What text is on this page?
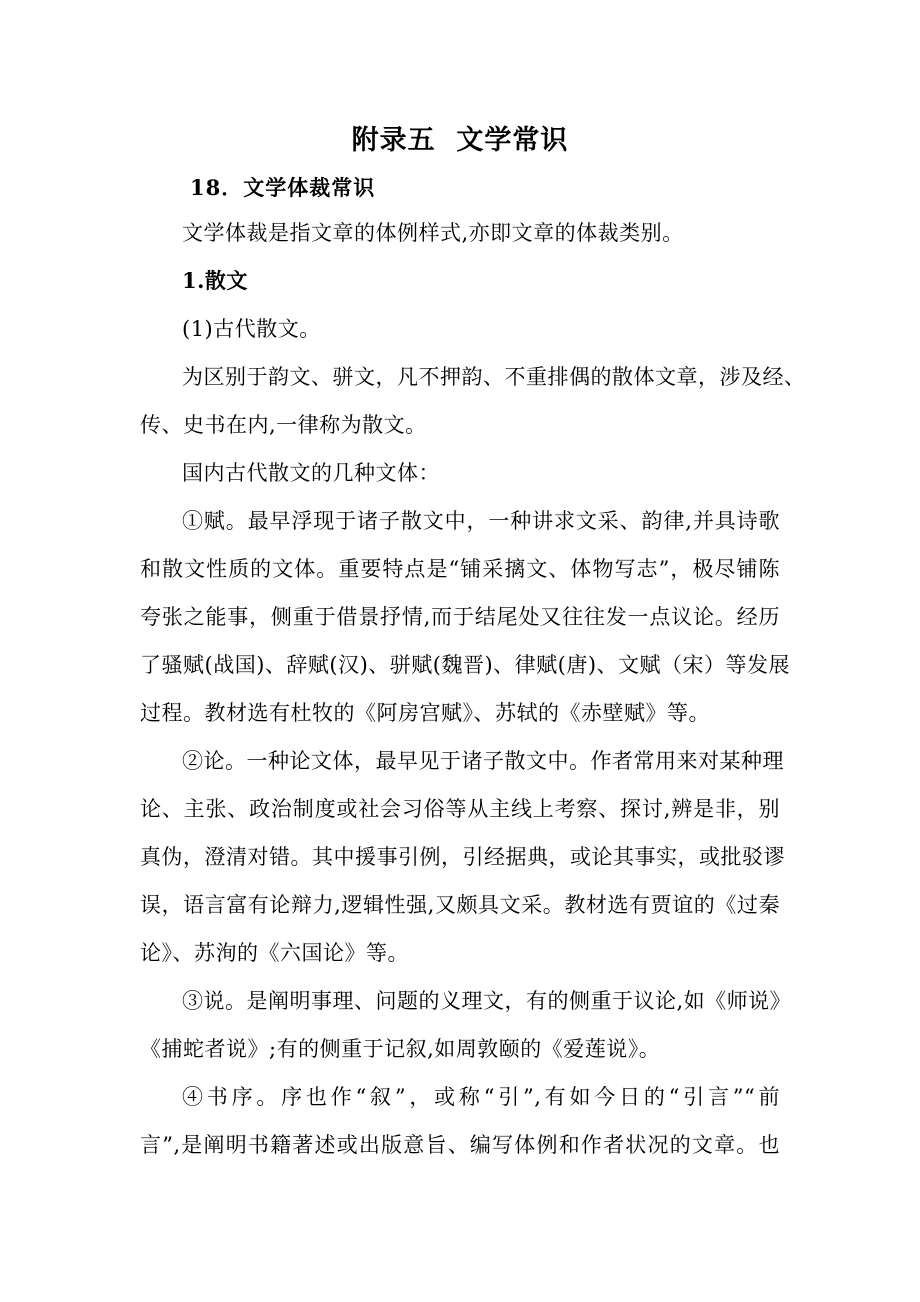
附录五  文学常识
18．文学体裁常识
文学体裁是指文章的体例样式,亦即文章的体裁类别。
1.散文
(1)古代散文。
为区别于韵文、骈文，凡不押韵、不重排偶的散体文章，涉及经、
传、史书在内,一律称为散文。
国内古代散文的几种文体：
①赋。最早浮现于诸子散文中，一种讲求文采、韵律,并具诗歌
和散文性质的文体。重要特点是“铺采摛文、体物写志”，极尽铺陈
夸张之能事，侧重于借景抒情,而于结尾处又往往发一点议论。经历
了骚赋(战国)、辞赋(汉)、骈赋(魏晋)、律赋(唐)、文赋（宋）等发展
过程。教材选有杜牧的《阿房宫赋》、苏轼的《赤壁赋》等。
②论。一种论文体，最早见于诸子散文中。作者常用来对某种理
论、主张、政治制度或社会习俗等从主线上考察、探讨,辨是非，别
真伪，澄清对错。其中援事引例，引经据典，或论其事实，或批驳谬
误，语言富有论辩力,逻辑性强,又颇具文采。教材选有贾谊的《过秦
论》、苏洵的《六国论》等。
③说。是阐明事理、问题的义理文，有的侧重于议论,如《师说》
《捕蛇者说》;有的侧重于记叙,如周敦颐的《爱莲说》。
④书序。序也作“叙”，或称“引”,有如今日的“引言”“前
言”,是阐明书籍著述或出版意旨、编写体例和作者状况的文章。也
